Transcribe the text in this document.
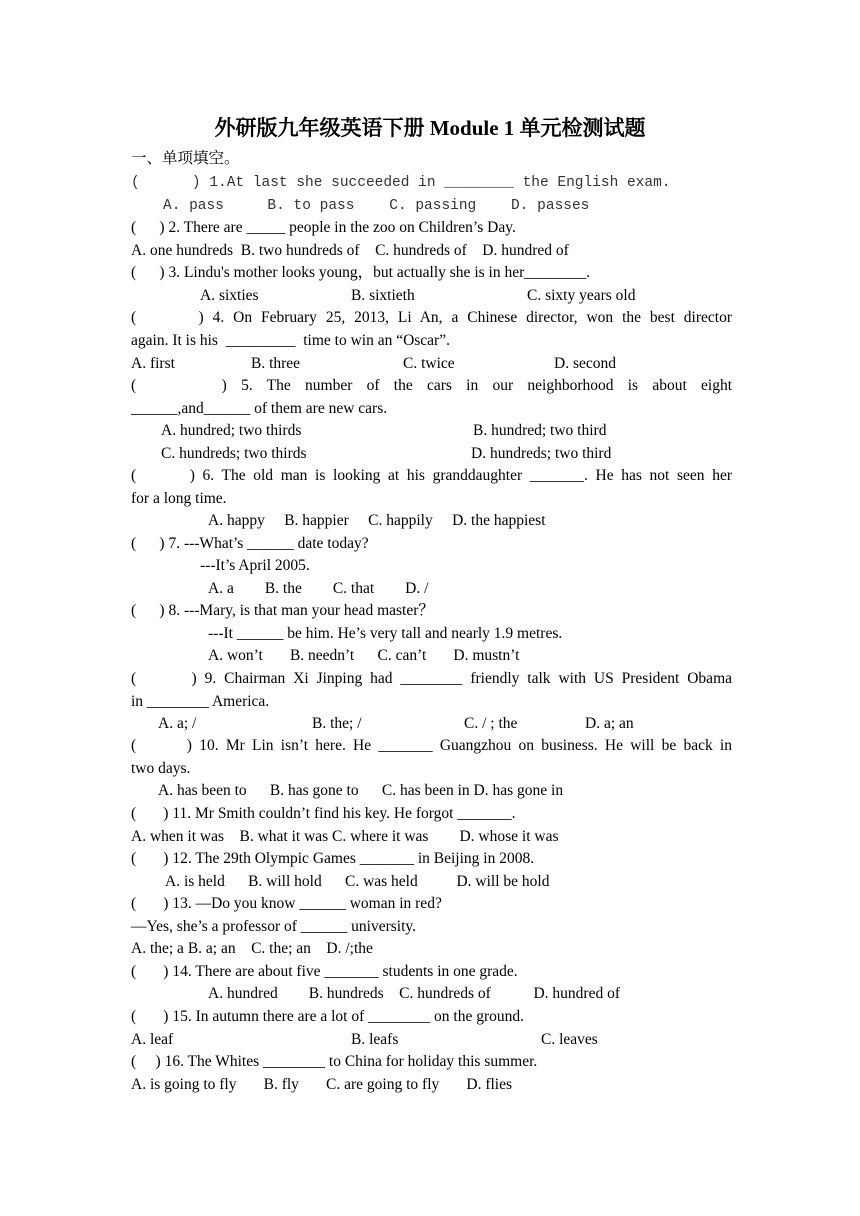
外研版九年级英语下册 Module 1 单元检测试题
一、单项填空。
(      ) 1.At last she succeeded in ________ the English exam.
A. pass     B. to pass    C. passing    D. passes
(      ) 2. There are _____ people in the zoo on Children’s Day.
A. one hundreds  B. two hundreds of    C. hundreds of    D. hundred of
(      ) 3. Lindu's mother looks young，but actually she is in her________.
A. sixties	B. sixtieth	C. sixty years old
(       ) 4. On February 25, 2013, Li An, a Chinese director, won the best director
again. It is his  _________  time to win an “Oscar”.
A. first	B. three	C. twice	D. second
(            )  5.  The  number  of  the  cars  in  our  neighborhood  is  about  eight
______,and______ of them are new cars.
A. hundred; two thirds	B. hundred; two third
C. hundreds; two thirds	D. hundreds; two third
(       ) 6. The old man is looking at his granddaughter _______. He has not seen her
for a long time.
A. happy     B. happier     C. happily     D. the happiest
(      ) 7. ---What’s ______ date today?
---It’s April 2005.
A. a        B. the        C. that        D. /
(      ) 8. ---Mary, is that man your head master？
---It ______ be him. He’s very tall and nearly 1.9 metres.
A. won’t       B. needn’t      C. can’t       D. mustn’t
(       ) 9. Chairman Xi Jinping had ________ friendly talk with US President Obama
in ________ America.
A. a; /	B. the; /	C. / ; the	D. a; an
(       ) 10. Mr Lin isn’t here. He _______ Guangzhou on business. He will be back in
two days.
A. has been to      B. has gone to      C. has been in D. has gone in
(       ) 11. Mr Smith couldn’t find his key. He forgot _______.
A. when it was    B. what it was C. where it was        D. whose it was
(       ) 12. The 29th Olympic Games _______ in Beijing in 2008.
A. is held      B. will hold      C. was held          D. will be hold
(       ) 13. —Do you know ______ woman in red?
—Yes, she’s a professor of ______ university.
A. the; a B. a; an    C. the; an    D. /;the
(       ) 14. There are about five _______ students in one grade.
A. hundred        B. hundreds    C. hundreds of           D. hundred of
(       ) 15. In autumn there are a lot of ________ on the ground.
A. leaf	B. leafs	C. leaves
(     ) 16. The Whites ________ to China for holiday this summer.
A. is going to fly       B. fly       C. are going to fly       D. flies
